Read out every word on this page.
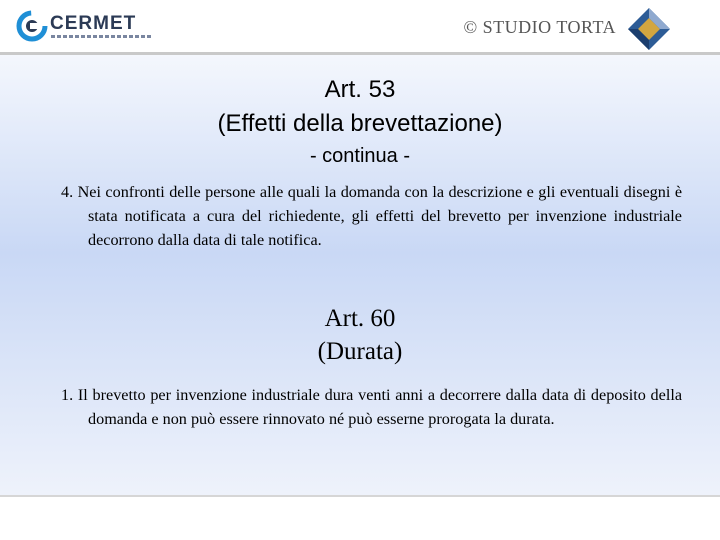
CERMET	© STUDIO TORTA
Art. 53
(Effetti della brevettazione)
- continua -
4. Nei confronti delle persone alle quali la domanda con la descrizione e gli eventuali disegni è stata notificata a cura del richiedente, gli effetti del brevetto per invenzione industriale decorrono dalla data di tale notifica.
Art. 60
(Durata)
1. Il brevetto per invenzione industriale dura venti anni a decorrere dalla data di deposito della domanda e non può essere rinnovato né può esserne prorogata la durata.
